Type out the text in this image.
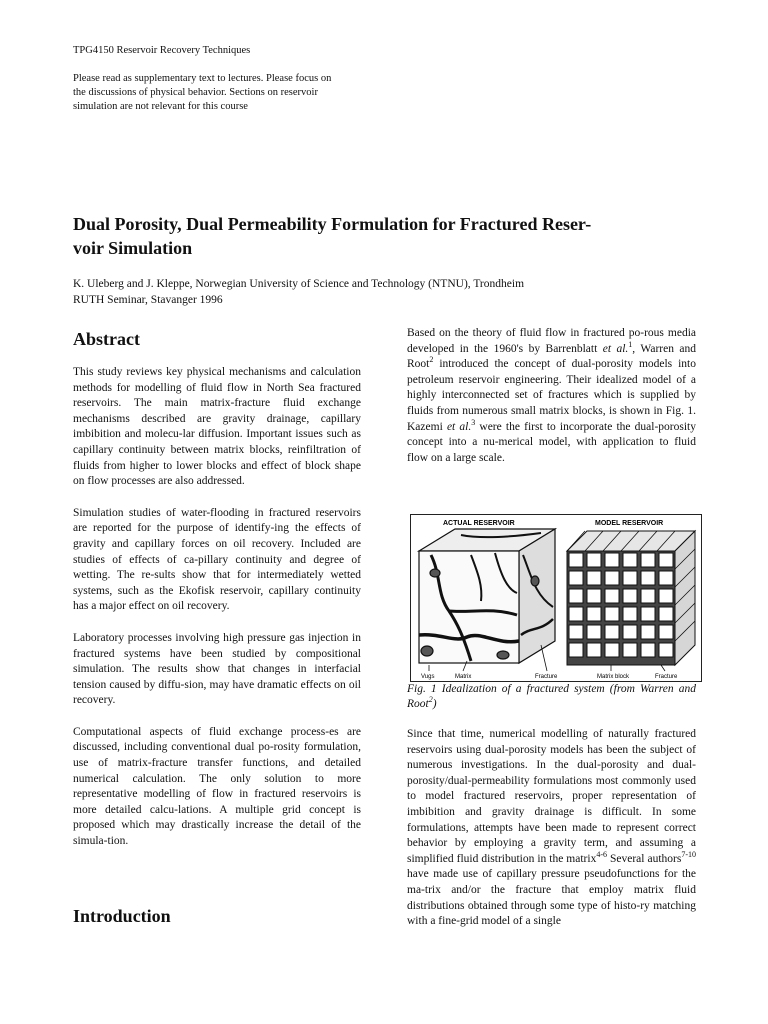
TPG4150 Reservoir Recovery Techniques
Please read as supplementary text to lectures. Please focus on
the discussions of physical behavior. Sections on reservoir
simulation are not relevant for this course
Dual Porosity, Dual Permeability Formulation for Fractured Reser-
voir Simulation
K. Uleberg and J. Kleppe, Norwegian University of Science and Technology (NTNU), Trondheim
RUTH Seminar, Stavanger 1996
Abstract

This study reviews key physical mechanisms and calculation methods for modelling of fluid flow in North Sea fractured reservoirs. The main matrix-fracture fluid exchange mechanisms described are gravity drainage, capillary imbibition and molecu-lar diffusion. Important issues such as capillary continuity between matrix blocks, reinfiltration of fluids from higher to lower blocks and effect of block shape on flow processes are also addressed.

Simulation studies of water-flooding in fractured reservoirs are reported for the purpose of identify-ing the effects of gravity and capillary forces on oil recovery. Included are studies of effects of ca-pillary continuity and degree of wetting. The re-sults show that for intermediately wetted systems, such as the Ekofisk reservoir, capillary continuity has a major effect on oil recovery.

Laboratory processes involving high pressure gas injection in fractured systems have been studied by compositional simulation. The results show that changes in interfacial tension caused by diffu-sion, may have dramatic effects on oil recovery.

Computational aspects of fluid exchange process-es are discussed, including conventional dual po-rosity formulation, use of matrix-fracture transfer functions, and detailed numerical calculation. The only solution to more representative modelling of flow in fractured reservoirs is more detailed calcu-lations. A multiple grid concept is proposed which may drastically increase the detail of the simula-tion.

Introduction
Based on the theory of fluid flow in fractured po-rous media developed in the 1960's by Barrenblatt et al.$^1$, Warren and Root$^2$ introduced the concept of dual-porosity models into petroleum reservoir engineering. Their idealized model of a highly interconnected set of fractures which is supplied by fluids from numerous small matrix blocks, is shown in Fig. 1. Kazemi et al.$^3$ were the first to incorporate the dual-porosity concept into a nu-merical model, with application to fluid flow on a large scale.
ACTUAL RESERVOIR	MODEL RESERVOIR
Vugs	Matrix	Fracture	Matrix block	Fracture
Fig. 1 Idealization of a fractured system (from Warren and Root$^2$)
Since that time, numerical modelling of naturally fractured reservoirs using dual-porosity models has been the subject of numerous investigations. In the dual-porosity and dual-porosity/dual-permeability formulations most commonly used to model fractured reservoirs, proper representation of imbibition and gravity drainage is difficult. In some formulations, attempts have been made to represent correct behavior by employing a gravity term, and assuming a simplified fluid distribution in the matrix$^{4-6}$ Several authors$^{7-10}$ have made use of capillary pressure pseudofunctions for the ma-trix and/or the fracture that employ matrix fluid distributions obtained through some type of histo-ry matching with a fine-grid model of a single
